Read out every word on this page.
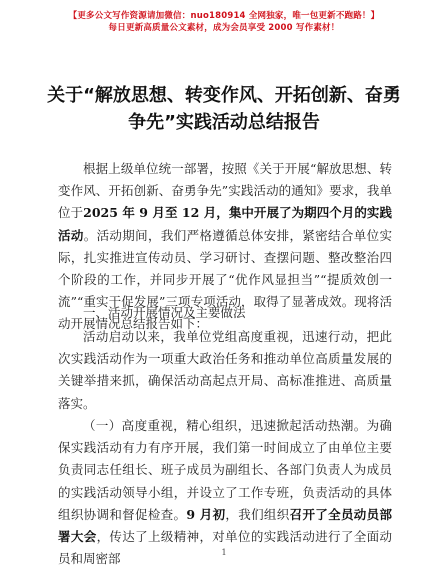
【更多公文写作资源请加微信：nuo180914 全网独家，唯一包更新不跑路！】
每日更新高质量公文素材，成为会员享受 2000 写作素材！
关于“解放思想、转变作风、开拓创新、奋勇争先”实践活动总结报告
根据上级单位统一部署，按照《关于开展“解放思想、转变作风、开拓创新、奋勇争先”实践活动的通知》要求，我单位于2025 年 9 月至 12 月，集中开展了为期四个月的实践活动。活动期间，我们严格遵循总体安排，紧密结合单位实际，扎实推进宣传动员、学习研讨、查摆问题、整改整治四个阶段的工作，并同步开展了“优作风显担当”“提质效创一流”“重实干促发展”三项专项活动，取得了显著成效。现将活动开展情况总结报告如下：
一、活动开展情况及主要做法
活动启动以来，我单位党组高度重视，迅速行动，把此次实践活动作为一项重大政治任务和推动单位高质量发展的关键举措来抓，确保活动高起点开局、高标准推进、高质量落实。
（一）高度重视，精心组织，迅速掀起活动热潮。为确保实践活动有力有序开展，我们第一时间成立了由单位主要负责同志任组长、班子成员为副组长、各部门负责人为成员的实践活动领导小组，并设立了工作专班，负责活动的具体组织协调和督促检查。9 月初，我们组织召开了全员动员部署大会，传达了上级精神，对单位的实践活动进行了全面动员和周密部	1
